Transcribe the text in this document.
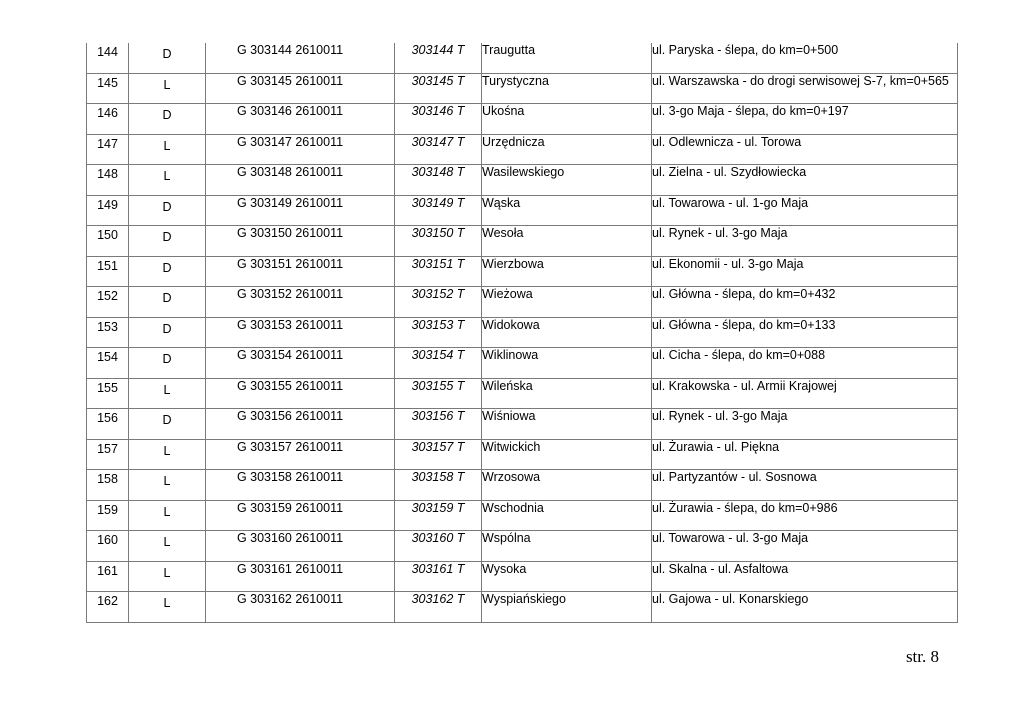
144	D	G 303144 2610011	303144 T	Traugutta	ul. Paryska - ślepa, do km=0+500

145	L	G 303145 2610011	303145 T	Turystyczna	ul. Warszawska - do drogi serwisowej S-7, km=0+565

146	D	G 303146 2610011	303146 T	Ukośna	ul. 3-go Maja - ślepa, do km=0+197

147	L	G 303147 2610011	303147 T	Urzędnicza	ul. Odlewnicza - ul. Torowa

148	L	G 303148 2610011	303148 T	Wasilewskiego	ul. Zielna - ul. Szydłowiecka

149	D	G 303149 2610011	303149 T	Wąska	ul. Towarowa - ul. 1-go Maja

150	D	G 303150 2610011	303150 T	Wesoła	ul. Rynek - ul. 3-go Maja

151	D	G 303151 2610011	303151 T	Wierzbowa	ul. Ekonomii - ul. 3-go Maja

152	D	G 303152 2610011	303152 T	Wieżowa	ul. Główna - ślepa, do km=0+432

153	D	G 303153 2610011	303153 T	Widokowa	ul. Główna - ślepa, do km=0+133

154	D	G 303154 2610011	303154 T	Wiklinowa	ul. Cicha - ślepa, do km=0+088

155	L	G 303155 2610011	303155 T	Wileńska	ul. Krakowska - ul. Armii Krajowej

156	D	G 303156 2610011	303156 T	Wiśniowa	ul. Rynek - ul. 3-go Maja

157	L	G 303157 2610011	303157 T	Witwickich	ul. Żurawia - ul. Piękna

158	L	G 303158 2610011	303158 T	Wrzosowa	ul. Partyzantów - ul. Sosnowa

159	L	G 303159 2610011	303159 T	Wschodnia	ul. Żurawia - ślepa, do km=0+986

160	L	G 303160 2610011	303160 T	Wspólna	ul. Towarowa - ul. 3-go Maja

161	L	G 303161 2610011	303161 T	Wysoka	ul. Skalna - ul. Asfaltowa

162	L	G 303162 2610011	303162 T	Wyspiańskiego	ul. Gajowa - ul. Konarskiego
str. 8
